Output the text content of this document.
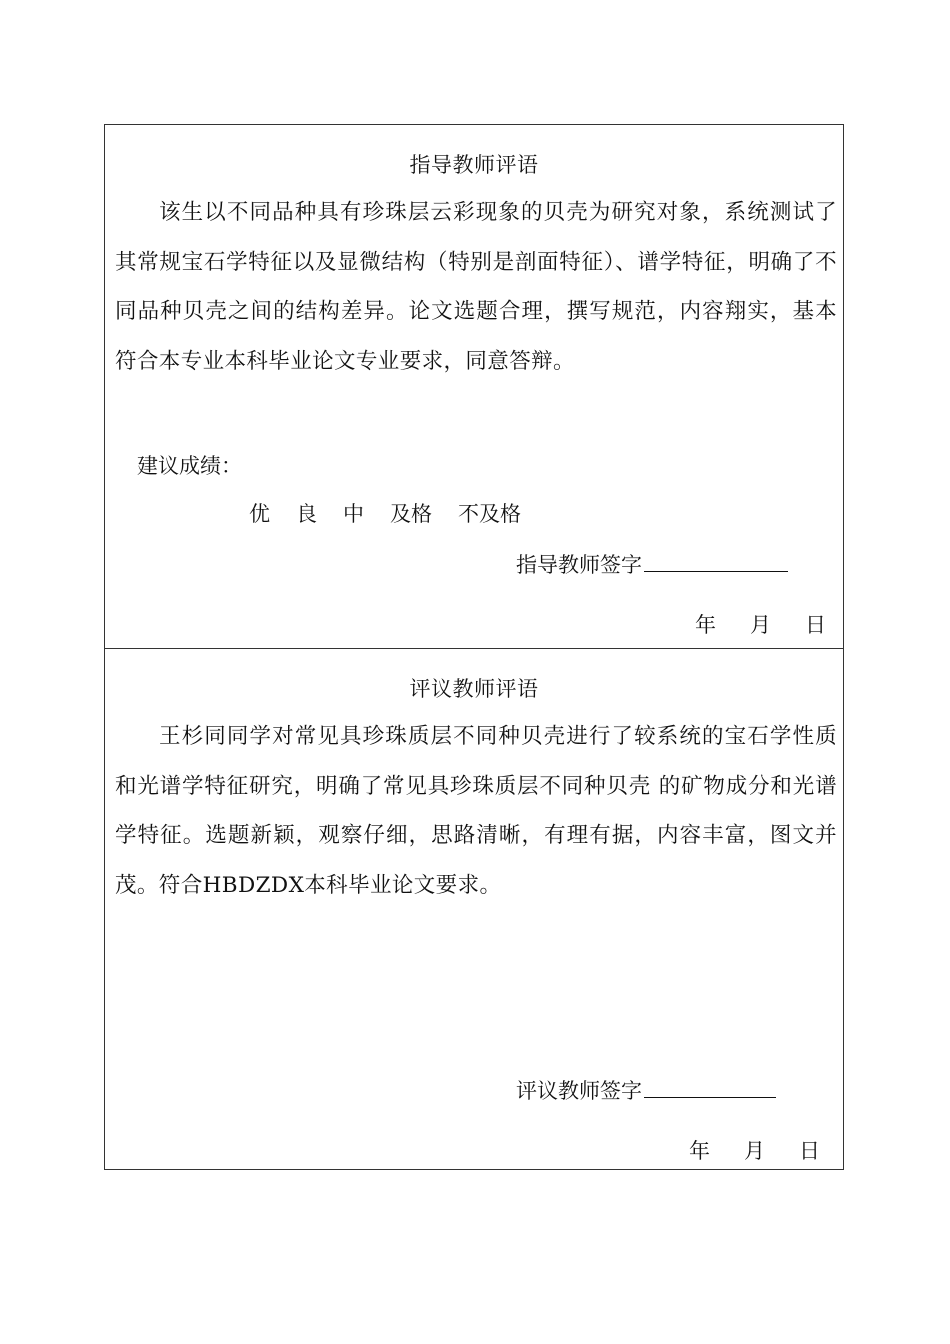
指导教师评语
该生以不同品种具有珍珠层云彩现象的贝壳为研究对象，系统测试了其常规宝石学特征以及显微结构（特别是剖面特征）、谱学特征，明确了不同品种贝壳之间的结构差异。论文选题合理，撰写规范，内容翔实，基本符合本专业本科毕业论文专业要求，同意答辩。
建议成绩：
优 良 中 及格 不及格
指导教师签字
年 月 日
评议教师评语
王杉同同学对常见具珍珠质层不同种贝壳进行了较系统的宝石学性质和光谱学特征研究，明确了常见具珍珠质层不同种贝壳 的矿物成分和光谱学特征。选题新颖，观察仔细，思路清晰，有理有据，内容丰富，图文并茂。符合HBDZDX本科毕业论文要求。
评议教师签字
年 月 日
